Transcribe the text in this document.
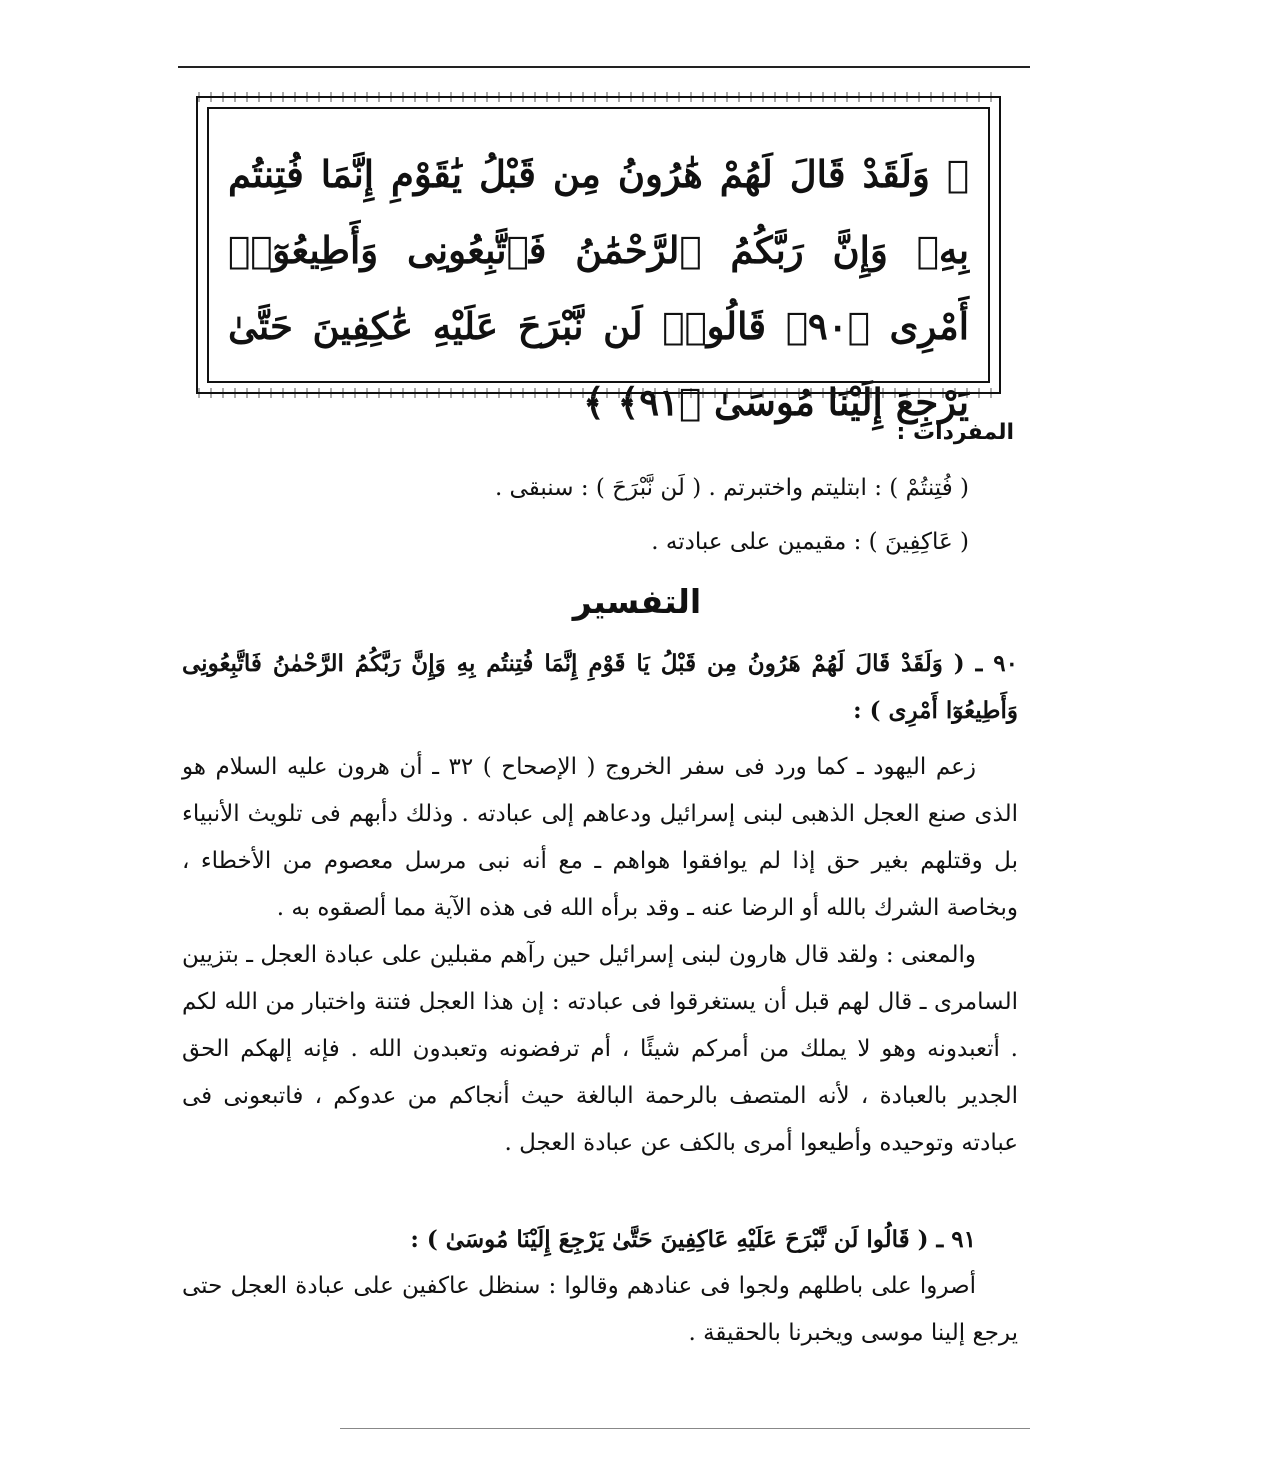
﴿ وَلَقَدْ قَالَ لَهُمْ هَٰرُونُ مِن قَبْلُ يَٰقَوْمِ إِنَّمَا فُتِنتُم بِهِۦ وَإِنَّ رَبَّكُمُ ٱلرَّحْمَٰنُ فَٱتَّبِعُونِى وَأَطِيعُوٓا۟ أَمْرِى ﴿٩٠﴾ قَالُوا۟ لَن نَّبْرَحَ عَلَيْهِ عَٰكِفِينَ حَتَّىٰ يَرْجِعَ إِلَيْنَا مُوسَىٰ ﴿٩١﴾ ﴾
المفردات :
( فُتِنتُمْ ) : ابتليتم واختبرتم . ( لَن نَّبْرَحَ ) : سنبقى .
( عَاكِفِينَ ) : مقيمين على عبادته .
التفسير

٩٠ ـ ( وَلَقَدْ قَالَ لَهُمْ هَرُونُ مِن قَبْلُ يَا قَوْمِ إِنَّمَا فُتِنتُم بِهِ وَإِنَّ رَبَّكُمُ الرَّحْمٰنُ فَاتَّبِعُونِى وَأَطِيعُوٓا أَمْرِى ) :

زعم اليهود ـ كما ورد فى سفر الخروج ( الإصحاح ) ٣٢ ـ أن هرون عليه السلام هو الذى صنع العجل الذهبى لبنى إسرائيل ودعاهم إلى عبادته . وذلك دأبهم فى تلويث الأنبياء بل وقتلهم بغير حق إذا لم يوافقوا هواهم ـ مع أنه نبى مرسل معصوم من الأخطاء ، وبخاصة الشرك بالله أو الرضا عنه ـ وقد برأه الله فى هذه الآية مما ألصقوه به .

والمعنى : ولقد قال هارون لبنى إسرائيل حين رآهم مقبلين على عبادة العجل ـ بتزيين السامرى ـ قال لهم قبل أن يستغرقوا فى عبادته : إن هذا العجل فتنة واختبار من الله لكم . أتعبدونه وهو لا يملك من أمركم شيئًا ، أم ترفضونه وتعبدون الله . فإنه إلهكم الحق الجدير بالعبادة ، لأنه المتصف بالرحمة البالغة حيث أنجاكم من عدوكم ، فاتبعونى فى عبادته وتوحيده وأطيعوا أمرى بالكف عن عبادة العجل .

٩١ ـ ( قَالُوا لَن نَّبْرَحَ عَلَيْهِ عَاكِفِينَ حَتَّىٰ يَرْجِعَ إِلَيْنَا مُوسَىٰ ) :

أصروا على باطلهم ولجوا فى عنادهم وقالوا : سنظل عاكفين على عبادة العجل حتى يرجع إلينا موسى ويخبرنا بالحقيقة .
